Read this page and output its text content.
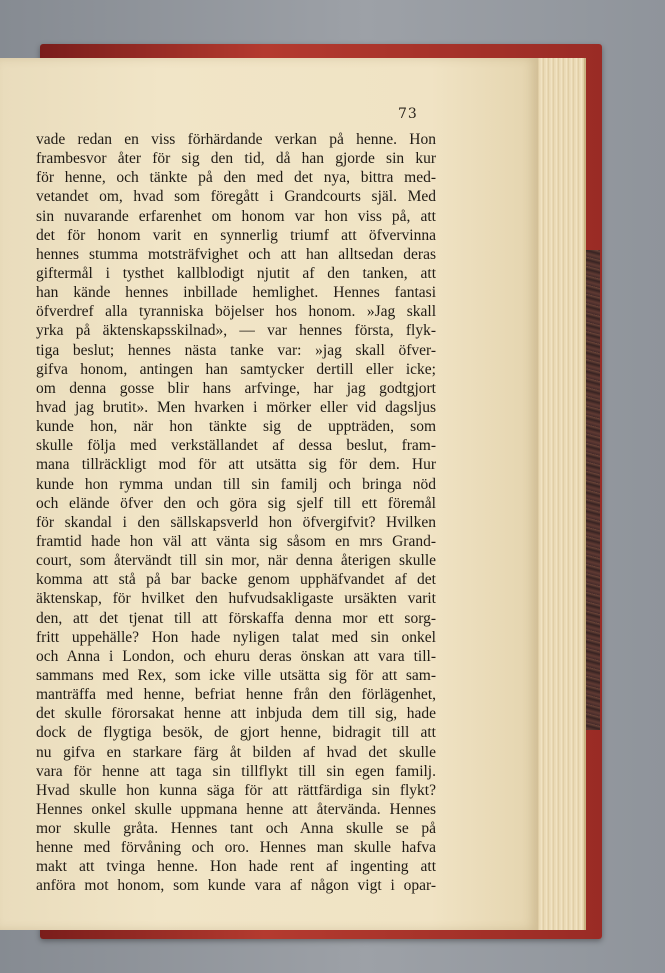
73
vade redan en viss förhärdande verkan på henne. Hon
frambesvor åter för sig den tid, då han gjorde sin kur
för henne, och tänkte på den med det nya, bittra med-
vetandet om, hvad som föregått i Grandcourts själ. Med
sin nuvarande erfarenhet om honom var hon viss på, att
det för honom varit en synnerlig triumf att öfvervinna
hennes stumma motsträfvighet och att han alltsedan deras
giftermål i tysthet kallblodigt njutit af den tanken, att
han kände hennes inbillade hemlighet. Hennes fantasi
öfverdref alla tyranniska böjelser hos honom. »Jag skall
yrka på äktenskapsskilnad», — var hennes första, flyk-
tiga beslut; hennes nästa tanke var: »jag skall öfver-
gifva honom, antingen han samtycker dertill eller icke;
om denna gosse blir hans arfvinge, har jag godtgjort
hvad jag brutit». Men hvarken i mörker eller vid dagsljus
kunde hon, när hon tänkte sig de uppträden, som
skulle följa med verkställandet af dessa beslut, fram-
mana tillräckligt mod för att utsätta sig för dem. Hur
kunde hon rymma undan till sin familj och bringa nöd
och elände öfver den och göra sig sjelf till ett föremål
för skandal i den sällskapsverld hon öfvergifvit? Hvilken
framtid hade hon väl att vänta sig såsom en mrs Grand-
court, som återvändt till sin mor, när denna återigen skulle
komma att stå på bar backe genom upphäfvandet af det
äktenskap, för hvilket den hufvudsakligaste ursäkten varit
den, att det tjenat till att förskaffa denna mor ett sorg-
fritt uppehälle? Hon hade nyligen talat med sin onkel
och Anna i London, och ehuru deras önskan att vara till-
sammans med Rex, som icke ville utsätta sig för att sam-
manträffa med henne, befriat henne från den förlägenhet,
det skulle förorsakat henne att inbjuda dem till sig, hade
dock de flygtiga besök, de gjort henne, bidragit till att
nu gifva en starkare färg åt bilden af hvad det skulle
vara för henne att taga sin tillflykt till sin egen familj.
Hvad skulle hon kunna säga för att rättfärdiga sin flykt?
Hennes onkel skulle uppmana henne att återvända. Hennes
mor skulle gråta. Hennes tant och Anna skulle se på
henne med förvåning och oro. Hennes man skulle hafva
makt att tvinga henne. Hon hade rent af ingenting att
anföra mot honom, som kunde vara af någon vigt i opar-
